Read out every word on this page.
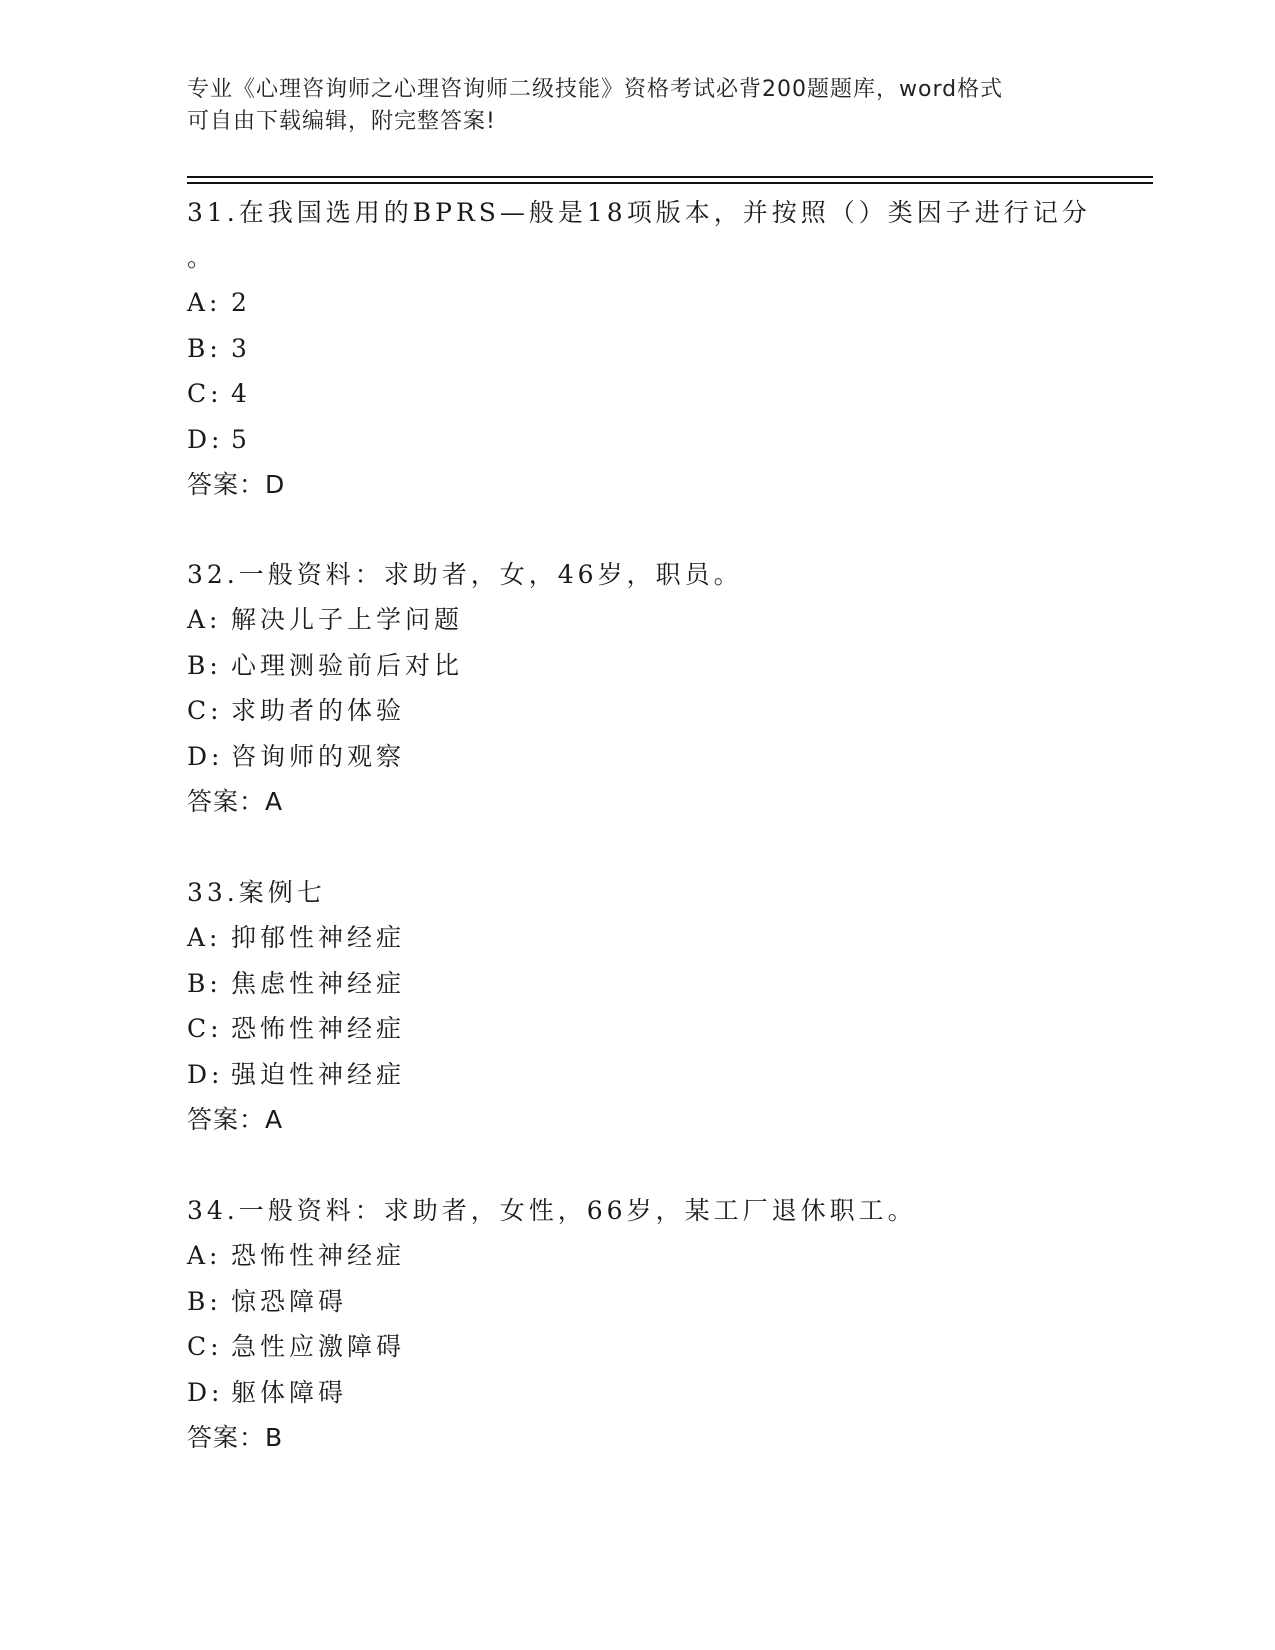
专业《心理咨询师之心理咨询师二级技能》资格考试必背200题题库，word格式
可自由下载编辑，附完整答案!
31.在我国选用的BPRS—般是18项版本，并按照（）类因子进行记分
。
A: 2
B: 3
C: 4
D: 5
答案：D
32.一般资料：求助者，女，46岁，职员。
A: 解决儿子上学问题
B: 心理测验前后对比
C: 求助者的体验
D: 咨询师的观察
答案：A
33.案例七
A: 抑郁性神经症
B: 焦虑性神经症
C: 恐怖性神经症
D: 强迫性神经症
答案：A
34.一般资料：求助者，女性，66岁，某工厂退休职工。
A: 恐怖性神经症
B: 惊恐障碍
C: 急性应激障碍
D: 躯体障碍
答案：B
